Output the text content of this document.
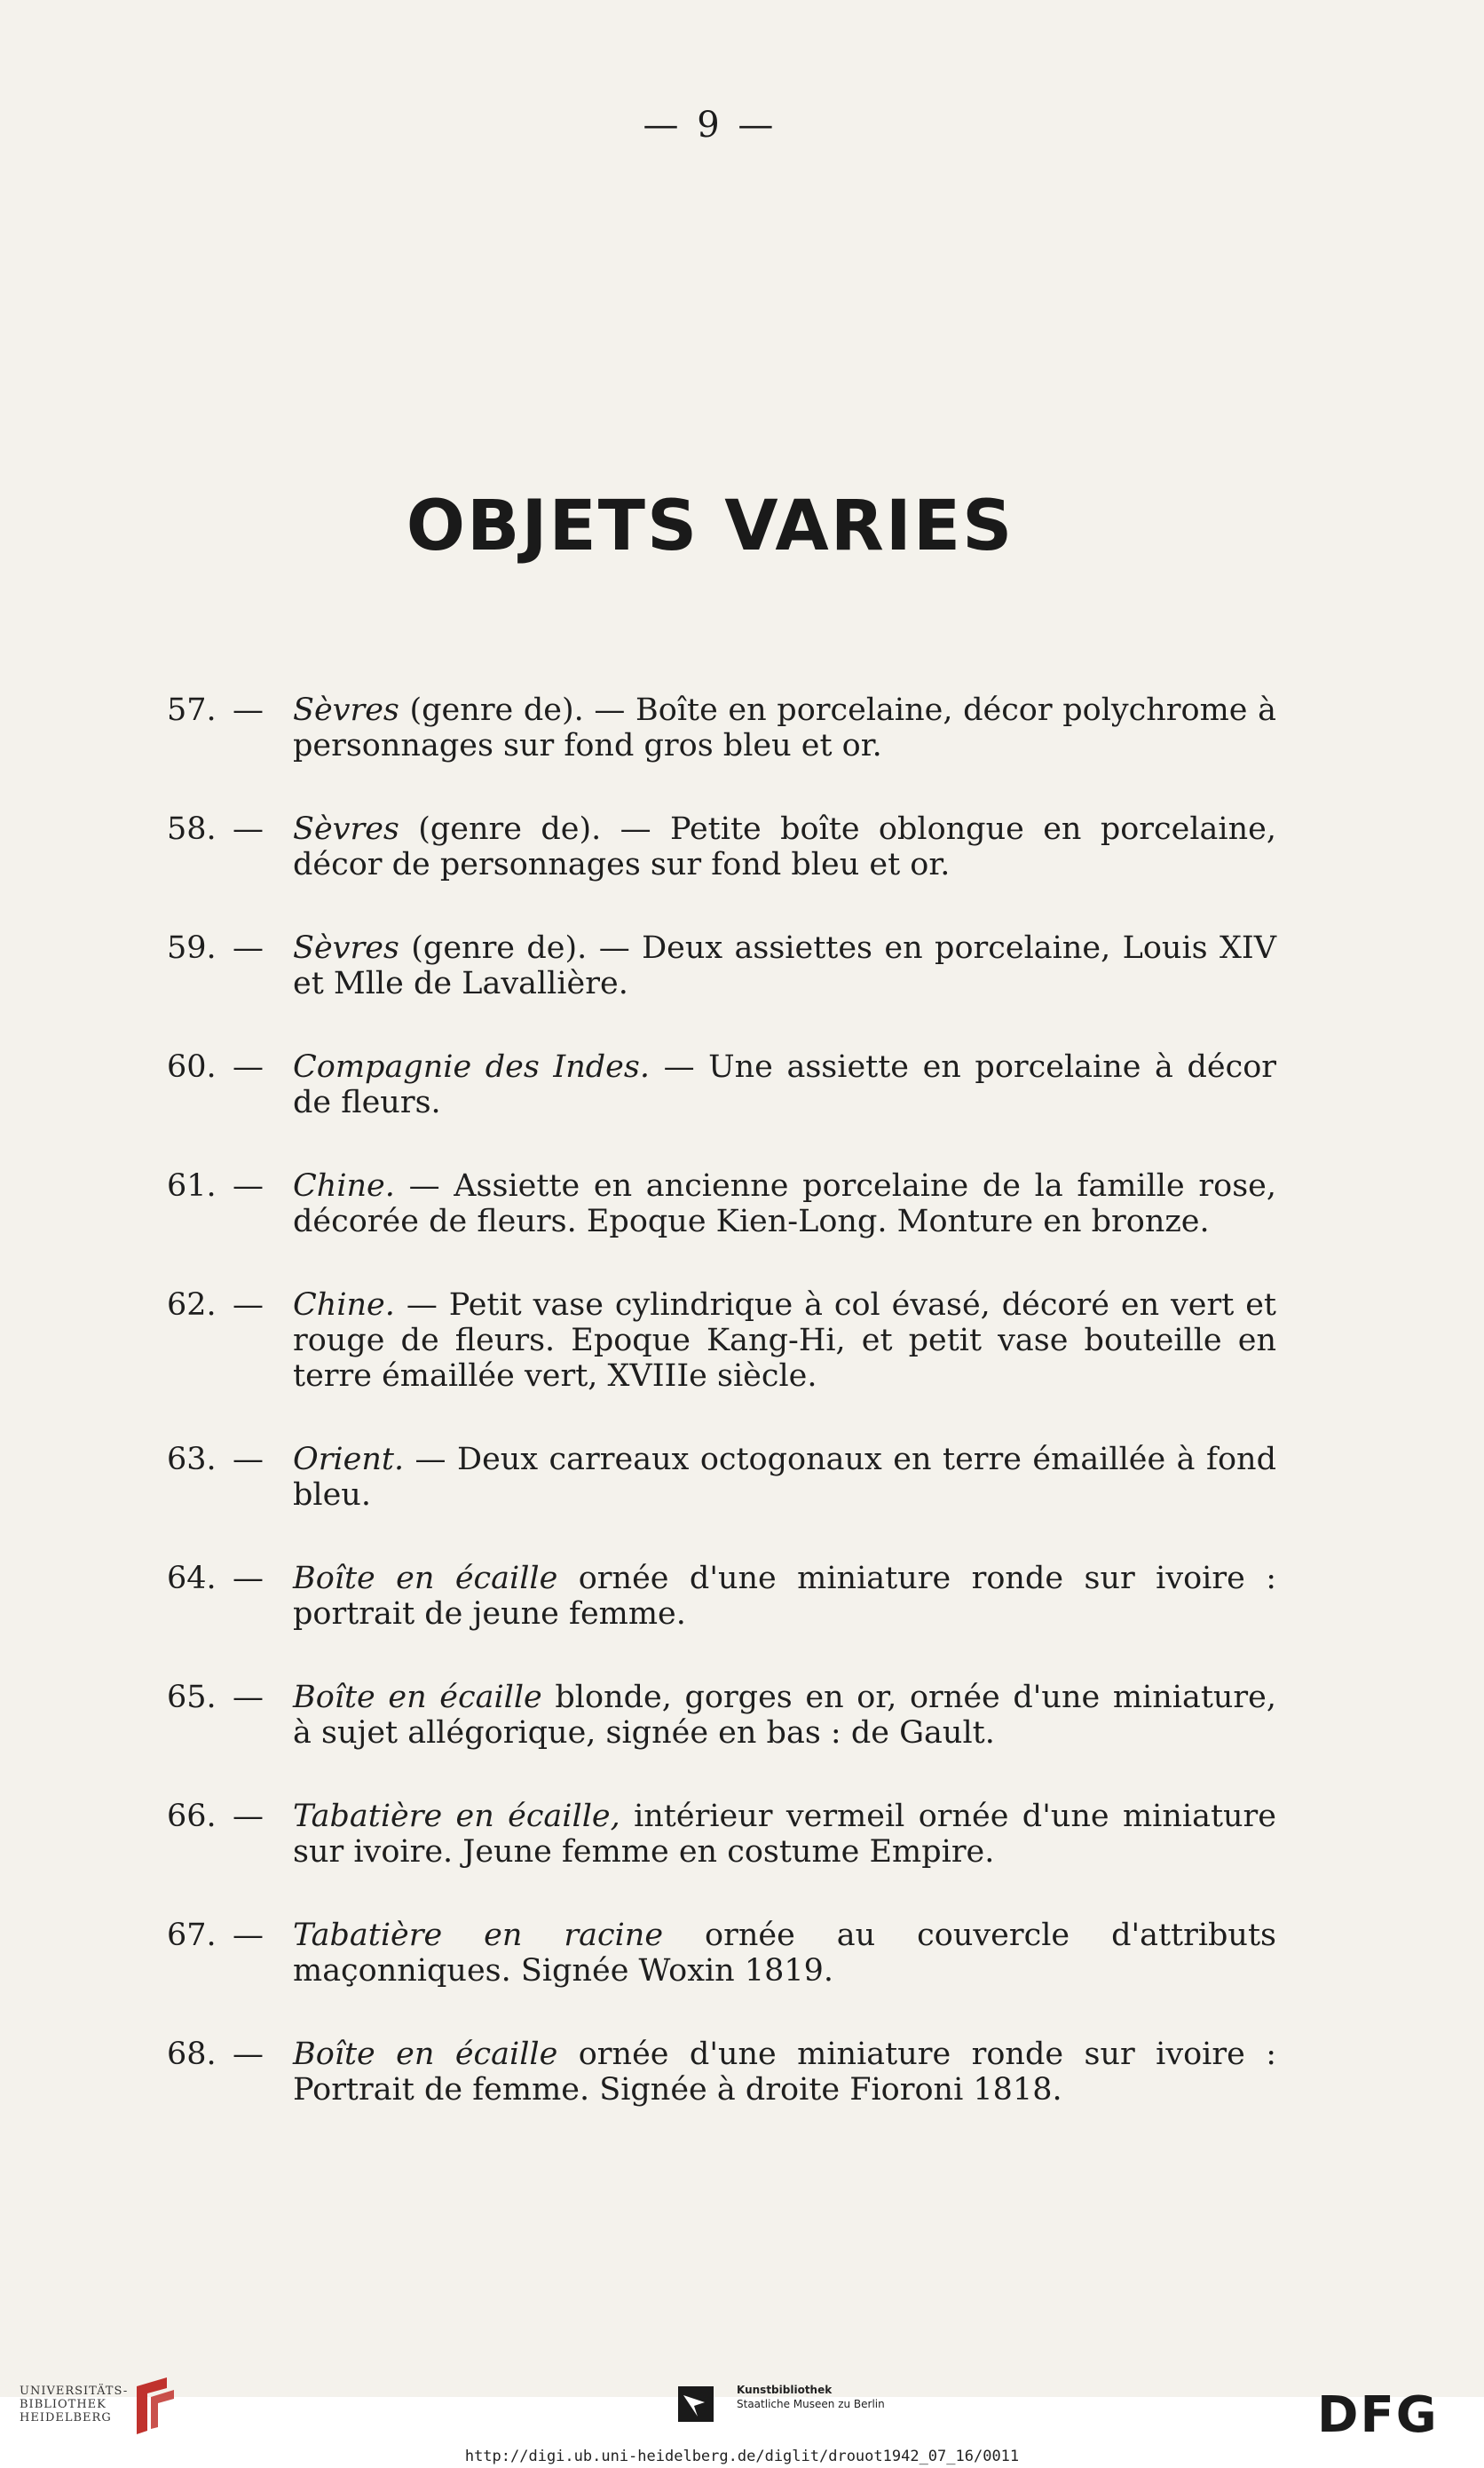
— 9 —
OBJETS VARIES
57. — Sèvres (genre de). — Boîte en porcelaine, décor polychrome à personnages sur fond gros bleu et or.
58. — Sèvres (genre de). — Petite boîte oblongue en porcelaine, décor de personnages sur fond bleu et or.
59. — Sèvres (genre de). — Deux assiettes en porcelaine, Louis XIV et Mlle de Lavallière.
60. — Compagnie des Indes. — Une assiette en porcelaine à décor de fleurs.
61. — Chine. — Assiette en ancienne porcelaine de la famille rose, décorée de fleurs. Epoque Kien-Long. Monture en bronze.
62. — Chine. — Petit vase cylindrique à col évasé, décoré en vert et rouge de fleurs. Epoque Kang-Hi, et petit vase bouteille en terre émaillée vert, XVIIIe siècle.
63. — Orient. — Deux carreaux octogonaux en terre émaillée à fond bleu.
64. — Boîte en écaille ornée d'une miniature ronde sur ivoire : portrait de jeune femme.
65. — Boîte en écaille blonde, gorges en or, ornée d'une miniature, à sujet allégorique, signée en bas : de Gault.
66. — Tabatière en écaille, intérieur vermeil ornée d'une miniature sur ivoire. Jeune femme en costume Empire.
67. — Tabatière en racine ornée au couvercle d'attributs maçonniques. Signée Woxin 1819.
68. — Boîte en écaille ornée d'une miniature ronde sur ivoire : Portrait de femme. Signée à droite Fioroni 1818.
UNIVERSITÄTS-
BIBLIOTHEK
HEIDELBERG
Kunstbibliothek
Staatliche Museen zu Berlin	DFG
http://digi.ub.uni-heidelberg.de/diglit/drouot1942_07_16/0011
